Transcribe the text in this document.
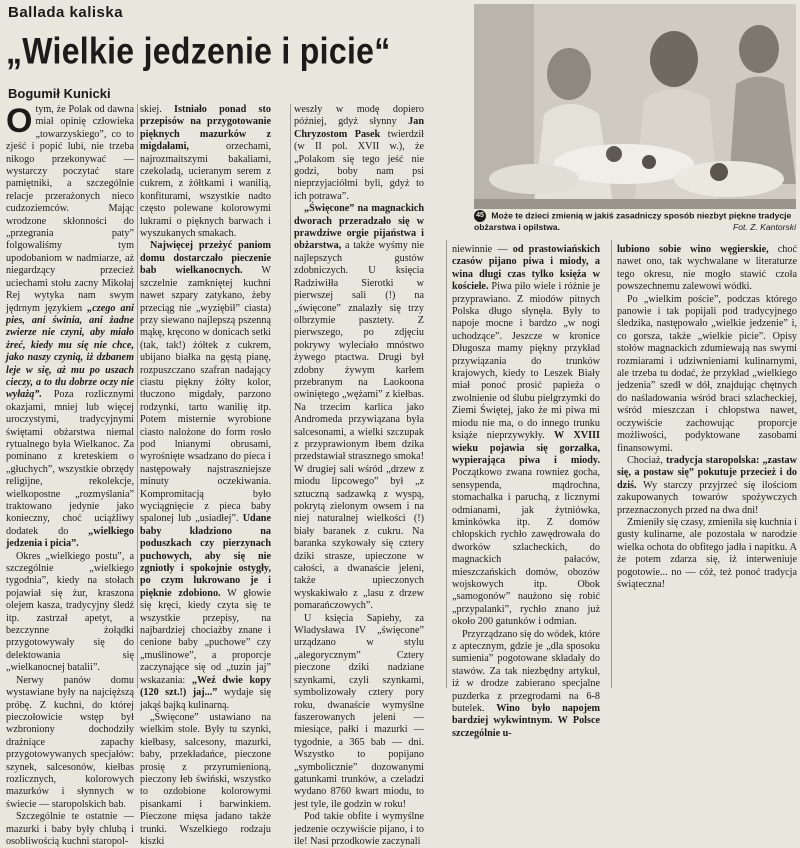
Ballada kaliska
„Wielkie jedzenie i picie“
Bogumił Kunicki
45 Może te dzieci zmienią w jakiś zasadniczy sposób niezbyt piękne tradycje obżarstwa i opilstwa.	Fot. Z. Kantorski

Otym, że Polak od dawna miał opinię człowieka „towarzyskiego”, co to zjeść i popić lubi, nie trzeba nikogo przekonywać — wystarczy poczytać stare pamiętniki, a szczególnie relacje przerażonych nieco cudzoziemców. Mając wrodzone skłonności do „przegrania paty” folgowaliśmy tym upodobaniom w nadmiarze, aż niegardzący przecież uciechami stołu zacny Mikołaj Rej wytyka nam swym jędrnym językiem „czego ani pies, ani świnia, ani żadne zwierze nie czyni, aby miało żreć, kiedy mu się nie chce, jako naszy czynią, iż dzbanem leje w się, aż mu po uszach cieczy, a to tłu dobrze oczy nie wyłażą”. Poza rozlicznymi okazjami, mniej lub więcej uroczystymi, tradycyjnymi świętami obżarstwa niemal rytualnego była Wielkanoc. Za pominano z kreteskiem o „głuchych”, wszystkie obrzędy religijne, rekolekcje, wielkopostne „rozmyślania” traktowano jedynie jako konieczny, choć uciążliwy dodatek do „wielkiego jedzenia i picia”.

Okres „wielkiego postu”, a szczególnie „wielkiego tygodnia”, kiedy na stołach pojawiał się żur, kraszona olejem kasza, tradycyjny śledź itp. zastrzał apetyt, a bezczynne żołądki przygotowywały się do delektowania się „wielkanocnej batalii”.

Nerwy panów domu wystawiane były na najcięższą próbę. Z kuchni, do której pieczołowicie wstęp był wzbroniony dochodziły drażniące zapachy przygotowywanych specjałów: szynek, salcesonów, kiełbas rozlicznych, kolorowych mazurków i słynnych w świecie — staropolskich bab.

Szczególnie te ostatnie — mazurki i baby były chlubą i osobliwością kuchni staropol-

skiej. Istniało ponad sto przepisów na przygotowanie pięknych mazurków z migdałami, orzechami, najrozmaitszymi bakaliami, czekoladą, ucieranym serem z cukrem, z żółtkami i wanilią, konfiturami, wszystkie nadto często polewane kolorowymi lukrami o pięknych barwach i wyszukanych smakach.

Najwięcej przeżyć paniom domu dostarczało pieczenie bab wielkanocnych. W szczelnie zamkniętej kuchni nawet szpary zatykano, żeby przeciąg nie „wyziębił” ciasta) przy siewano najlepszą pszenną mąkę, kręcono w donicach setki (tak, tak!) żółtek z cukrem, ubijano białka na gęstą pianę, rozpuszczano szafran nadający ciastu piękny żółty kolor, tłuczono migdały, parzono rodzynki, tarto wanilię itp. Potem misternie wyrobione ciasto nalożone do form rosło pod lnianymi obrusami, wyrośnięte wsadzano do pieca i następowały najstraszniejsze minuty oczekiwania. Kompromitacją było wyciągnięcie z pieca baby spalonej lub „usiadłej”. Udane baby kładziono na poduszkach czy pierzynach puchowych, aby się nie zgniotły i spokojnie ostygły, po czym lukrowano je i pięknie zdobiono. W głowie się kręci, kiedy czyta się te wszystkie przepisy, na najbardziej chociażby znane i cenione baby „puchowe” czy „muślinowe”, a proporcje zaczynające się od „tuzin jaj” wskazania: „Weź dwie kopy (120 szt.!) jaj...” wydaje się jakąś bajką kulinarną.

„Święcone” ustawiano na wielkim stole. Były tu szynki, kiełbasy, salcesony, mazurki, baby, przekładańce, pieczone prosię z przyrumienioną, pieczony łeb świński, wszystko to ozdobione kolorowymi pisankami i barwinkiem. Pieczone mięsa jadano także trunki. Wszelkiego rodzaju kiszki

weszły w modę dopiero później, gdyż słynny Jan Chryzostom Pasek twierdził (w II pol. XVII w.), że „Polakom się tego jeść nie godzi, boby nam psi nieprzyjaciółmi byli, gdyż to ich potrawa”.

„Święcone” na magnackich dworach przeradzało się w prawdziwe orgie pijaństwa i obżarstwa, a także wyśmy nie najlepszych gustów zdobniczych. U księcia Radziwiłła Sierotki w pierwszej sali (!) na „święcone” znalazły się trzy olbrzymie pasztety. Z pierwszego, po zdjęciu pokrywy wyleciało mnóstwo żywego ptactwa. Drugi był zdobny żywym karłem przebranym na Laokoona owiniętego „wężami” z kiełbas. Na trzecim karlica jako Andromeda przywiązana była salcesonami, a wielki szczupak z przyprawionym łbem dzika przedstawiał strasznego smoka! W drugiej sali wśród „drzew z miodu lipcowego” był „z sztuczną sadzawką z wyspą, pokrytą zielonym owsem i na niej naturalnej wielkości (!) biały baranek z cukru. Na baranka szykowały się cztery dziki strasze, upieczone w całości, a dwanaście jeleni, także upieczonych wyskakiwało z „lasu z drzew pomarańczowych”.

U księcia Sapiehy, za Władysława IV „święcone” urządzano w stylu „alegorycznym” Cztery pieczone dziki nadziane szynkami, czyli szynkami, symbolizowały cztery pory roku, dwanaście wymyślne faszerowanych jeleni — miesiące, pałki i mazurki — tygodnie, a 365 bab — dni. Wszystko to popijano „symbolicznie” dozowanymi gatunkami trunków, a czeladzi wydano 8760 kwart miodu, to jest tyle, ile godzin w roku!

Pod takie obfite i wymyślne jedzenie oczywiście pijano, i to ile! Nasi przodkowie zaczynali

niewinnie — od prastowiańskich czasów pijano piwa i miody, a wina długi czas tylko księża w kościele. Piwa piło wiele i różnie je przyprawiano. Z miodów pitnych Polska długo słynęła. Były to napoje mocne i bardzo „w nogi uchodzące”. Jeszcze w kronice Długosza mamy piękny przykład przywiązania do trunków krajowych, kiedy to Leszek Biały miał ponoć prosić papieża o zwolnienie od ślubu pielgrzymki do Ziemi Świętej, jako że mi piwa mi miodu nie ma, o do innego trunku książe nieprzywykły. W XVIII wieku pojawia się gorzałka, wypierająca piwa i miody. Początkowo zwana rowniez gocha, sensypenda, mądrochna, stomachalka i paruchą, z licznymi odmianami, jak żytniówka, kminkówka itp. Z domów chłopskich rychło zawędrowała do dworków szlacheckich, do magnackich pałaców, mieszczańskich domów, obozów wojskowych itp. Obok „samogonów” naużono się robić „przypalanki”, rychło znano już około 200 gatunków i odmian.

Przyrządzano się do wódek, które z aptecznym, gdzie je „dla sposoku sumienia” pogotowane składały do stawów. Za tak niezbędny artykuł, iż w drodze zabierano specjalne puzderka z przegrodami na 6-8 butelek. Wino było napojem bardziej wykwintnym. W Polsce szczególnie u-

lubiono sobie wino węgierskie, choć nawet ono, tak wychwalane w literaturze tego okresu, nie mogło stawić czoła powszechnemu zalewowi wódki.

Po „wielkim poście”, podczas którego panowie i tak popijali pod tradycyjnego śledzika, następowało „wielkie jedzenie” i, co gorsza, także „wielkie picie”. Opisy stołów magnackich zdumiewają nas swymi rozmiarami i udziwnieniami kulinarnymi, ale trzeba tu dodać, że przykład „wielkiego jedzenia” szedł w dół, znajdując chętnych do naśladowania wśród braci szlacheckiej, wśród mieszczan i chłopstwa nawet, oczywiście zachowując proporcje możliwości, podyktowane zasobami finansowymi.

Chociaż, tradycja staropolska: „zastaw się, a postaw się” pokutuje przecież i do dziś. Wy starczy przyjrzeć się ilościom zakupowanych towarów spożywczych przeznaczonych przed na dwa dni!

Zmieniły się czasy, zmieniła się kuchnia i gusty kulinarne, ale pozostała w narodzie wielka ochota do obfitego jadła i napitku. A że potem zdarza się, iż interweniuje pogotowie... no — cóż, też ponoć tradycja świąteczna!
